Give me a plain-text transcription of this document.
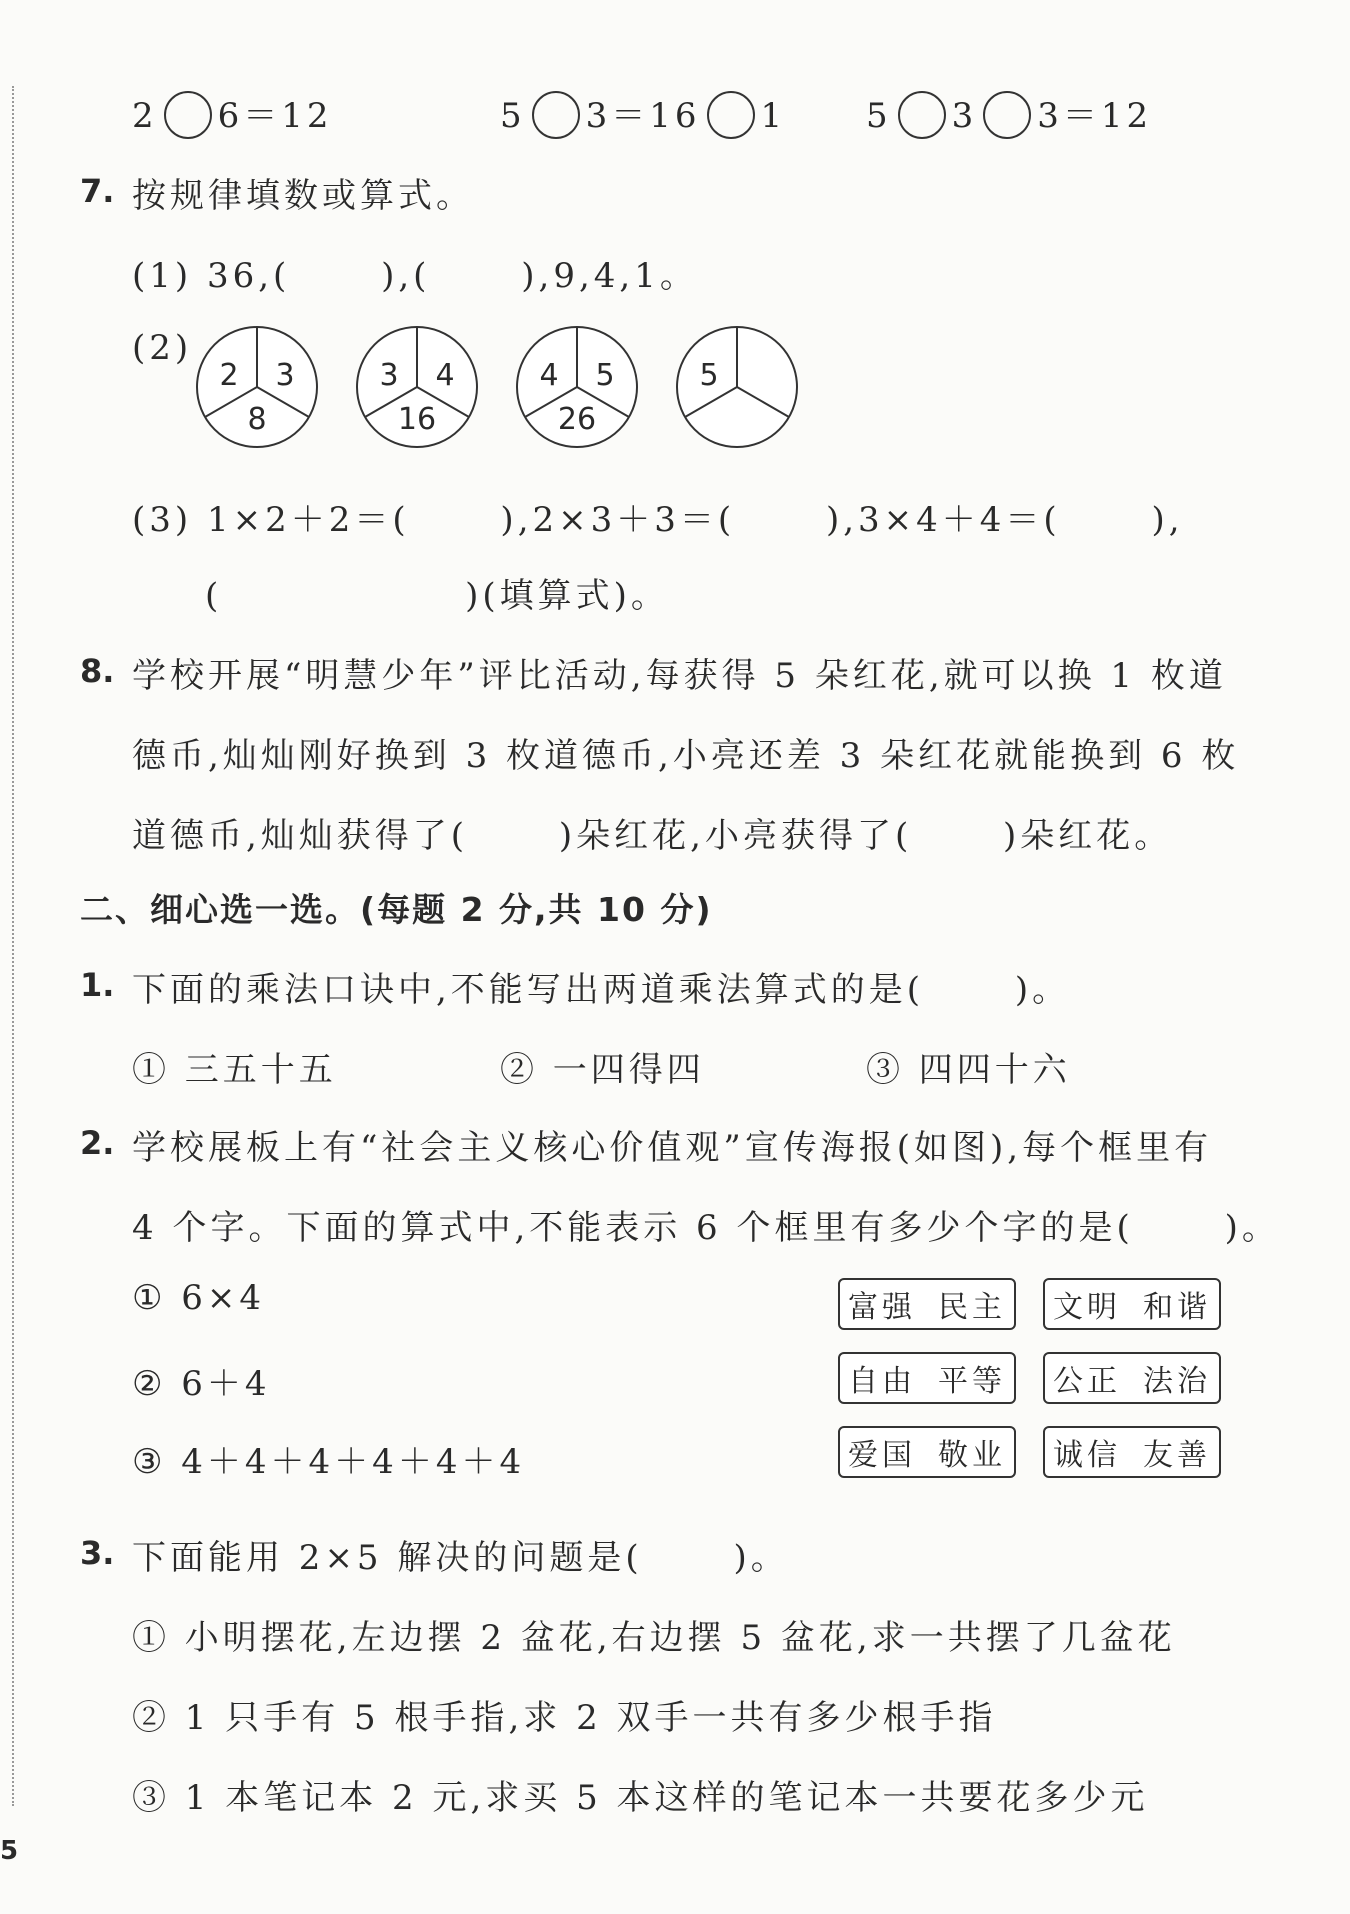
2 6＝12	5 3＝16 1 5 3 3＝12
7. 按规律填数或算式。
(1) 36,(　　 ),(　　 ),9,4,1。
(2)
2 3
8
3 4
16
4 5
26
5
(3) 1×2＋2＝(　　 ),2×3＋3＝(　　 ),3×4＋4＝(　　 ),
(　　　　　　 )(填算式)。
8. 学校开展“明慧少年”评比活动,每获得 5 朵红花,就可以换 1 枚道
德币,灿灿刚好换到 3 枚道德币,小亮还差 3 朵红花就能换到 6 枚
道德币,灿灿获得了(　　 )朵红花,小亮获得了(　　 )朵红花。
二、细心选一选。(每题 2 分,共 10 分)
1. 下面的乘法口诀中,不能写出两道乘法算式的是(　　 )。
① 三五十五	② 一四得四	③ 四四十六
2. 学校展板上有“社会主义核心价值观”宣传海报(如图),每个框里有
4 个字。下面的算式中,不能表示 6 个框里有多少个字的是(　　 )。
① 6×4
② 6＋4
③ 4＋4＋4＋4＋4＋4
富强 民主 文明 和谐
自由 平等 公正 法治
爱国 敬业 诚信 友善
3. 下面能用 2×5 解决的问题是(　　 )。
① 小明摆花,左边摆 2 盆花,右边摆 5 盆花,求一共摆了几盆花
② 1 只手有 5 根手指,求 2 双手一共有多少根手指
③ 1 本笔记本 2 元,求买 5 本这样的笔记本一共要花多少元
5
